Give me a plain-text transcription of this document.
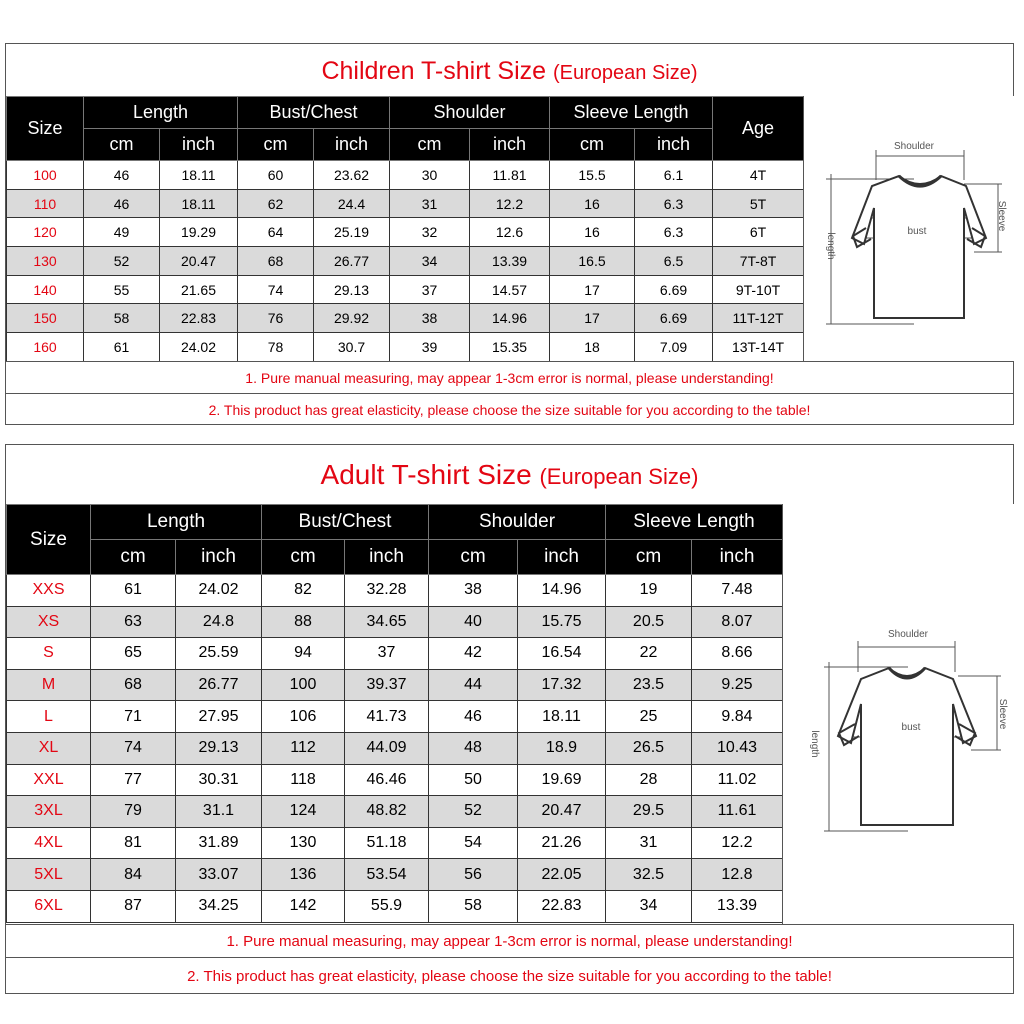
Children T-shirt Size (European Size)
Size	Length		Bust/Chest		Shoulder		Sleeve Length		Age
	cm	inch	cm	inch	cm	inch	cm	inch	
100	46	18.11	60	23.62	30	11.81	15.5	6.1	4T
110	46	18.11	62	24.4	31	12.2	16	6.3	5T
120	49	19.29	64	25.19	32	12.6	16	6.3	6T
130	52	20.47	68	26.77	34	13.39	16.5	6.5	7T-8T
140	55	21.65	74	29.13	37	14.57	17	6.69	9T-10T
150	58	22.83	76	29.92	38	14.96	17	6.69	11T-12T
160	61	24.02	78	30.7	39	15.35	18	7.09	13T-14T
Shoulder
bust
length
Sleeve
1. Pure manual measuring, may appear 1-3cm error is normal, please understanding!
2. This product has great elasticity, please choose the size suitable for you according to the table!
Adult T-shirt Size (European Size)
Size	Length		Bust/Chest		Shoulder		Sleeve Length	
	cm	inch	cm	inch	cm	inch	cm	inch
XXS	61	24.02	82	32.28	38	14.96	19	7.48
XS	63	24.8	88	34.65	40	15.75	20.5	8.07
S	65	25.59	94	37	42	16.54	22	8.66
M	68	26.77	100	39.37	44	17.32	23.5	9.25
L	71	27.95	106	41.73	46	18.11	25	9.84
XL	74	29.13	112	44.09	48	18.9	26.5	10.43
XXL	77	30.31	118	46.46	50	19.69	28	11.02
3XL	79	31.1	124	48.82	52	20.47	29.5	11.61
4XL	81	31.89	130	51.18	54	21.26	31	12.2
5XL	84	33.07	136	53.54	56	22.05	32.5	12.8
6XL	87	34.25	142	55.9	58	22.83	34	13.39
Shoulder
bust
length
Sleeve
1. Pure manual measuring, may appear 1-3cm error is normal, please understanding!
2. This product has great elasticity, please choose the size suitable for you according to the table!
